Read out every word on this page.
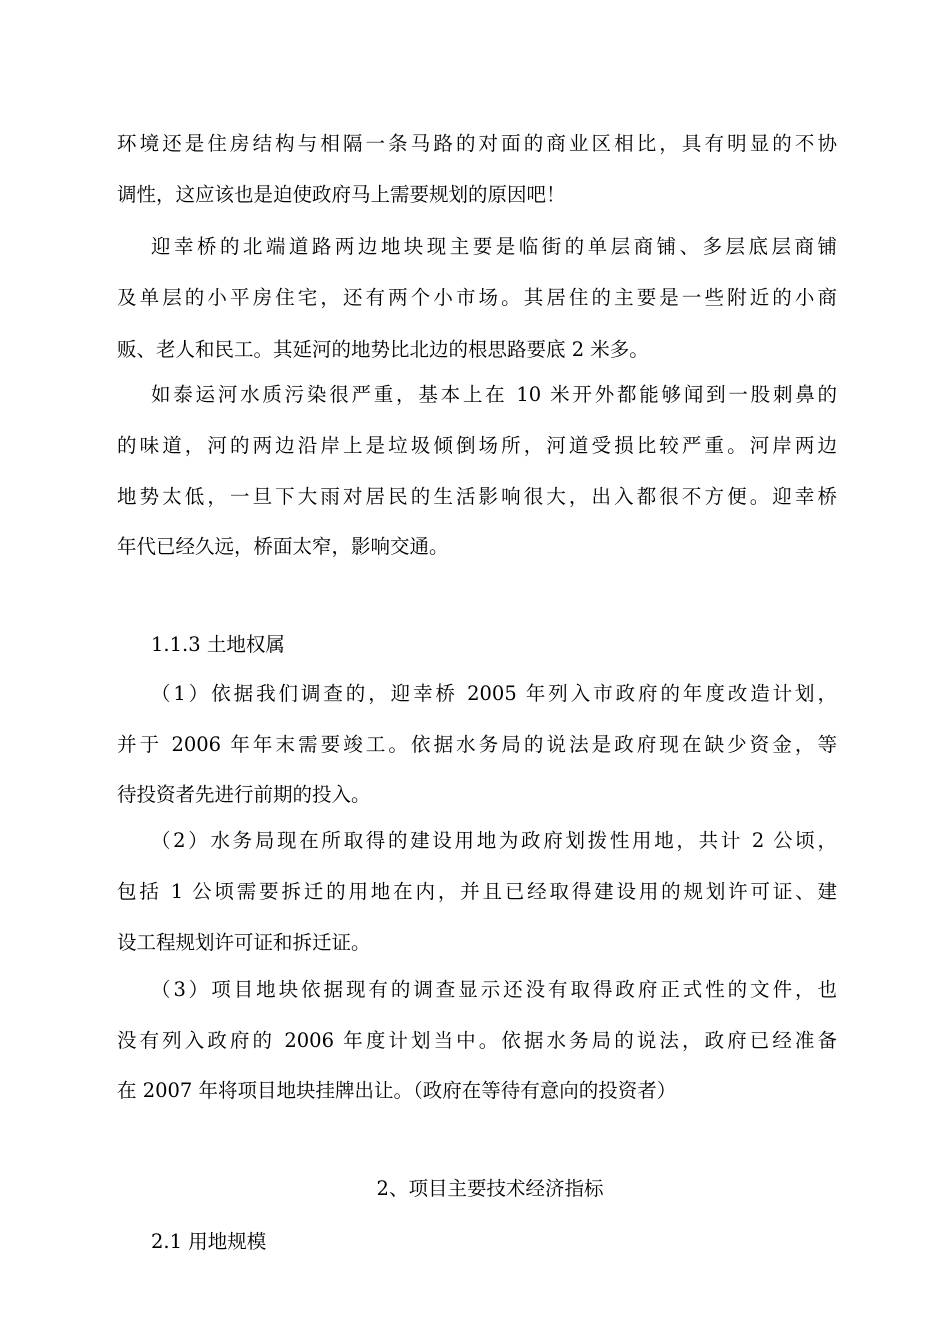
环境还是住房结构与相隔一条马路的对面的商业区相比，具有明显的不协
调性，这应该也是迫使政府马上需要规划的原因吧！
迎幸桥的北端道路两边地块现主要是临街的单层商铺、多层底层商铺
及单层的小平房住宅，还有两个小市场。其居住的主要是一些附近的小商
贩、老人和民工。其延河的地势比北边的根思路要底 2 米多。
如泰运河水质污染很严重，基本上在 10 米开外都能够闻到一股刺鼻的
的味道，河的两边沿岸上是垃圾倾倒场所，河道受损比较严重。河岸两边
地势太低，一旦下大雨对居民的生活影响很大，出入都很不方便。迎幸桥
年代已经久远，桥面太窄，影响交通。
1.1.3 土地权属
（1）依据我们调查的，迎幸桥 2005 年列入市政府的年度改造计划，
并于 2006 年年末需要竣工。依据水务局的说法是政府现在缺少资金，等
待投资者先进行前期的投入。
（2）水务局现在所取得的建设用地为政府划拨性用地，共计 2 公顷，
包括 1 公顷需要拆迁的用地在内，并且已经取得建设用的规划许可证、建
设工程规划许可证和拆迁证。
（3）项目地块依据现有的调查显示还没有取得政府正式性的文件，也
没有列入政府的 2006 年度计划当中。依据水务局的说法，政府已经准备
在 2007 年将项目地块挂牌出让。（政府在等待有意向的投资者）
2、项目主要技术经济指标
2.1 用地规模
